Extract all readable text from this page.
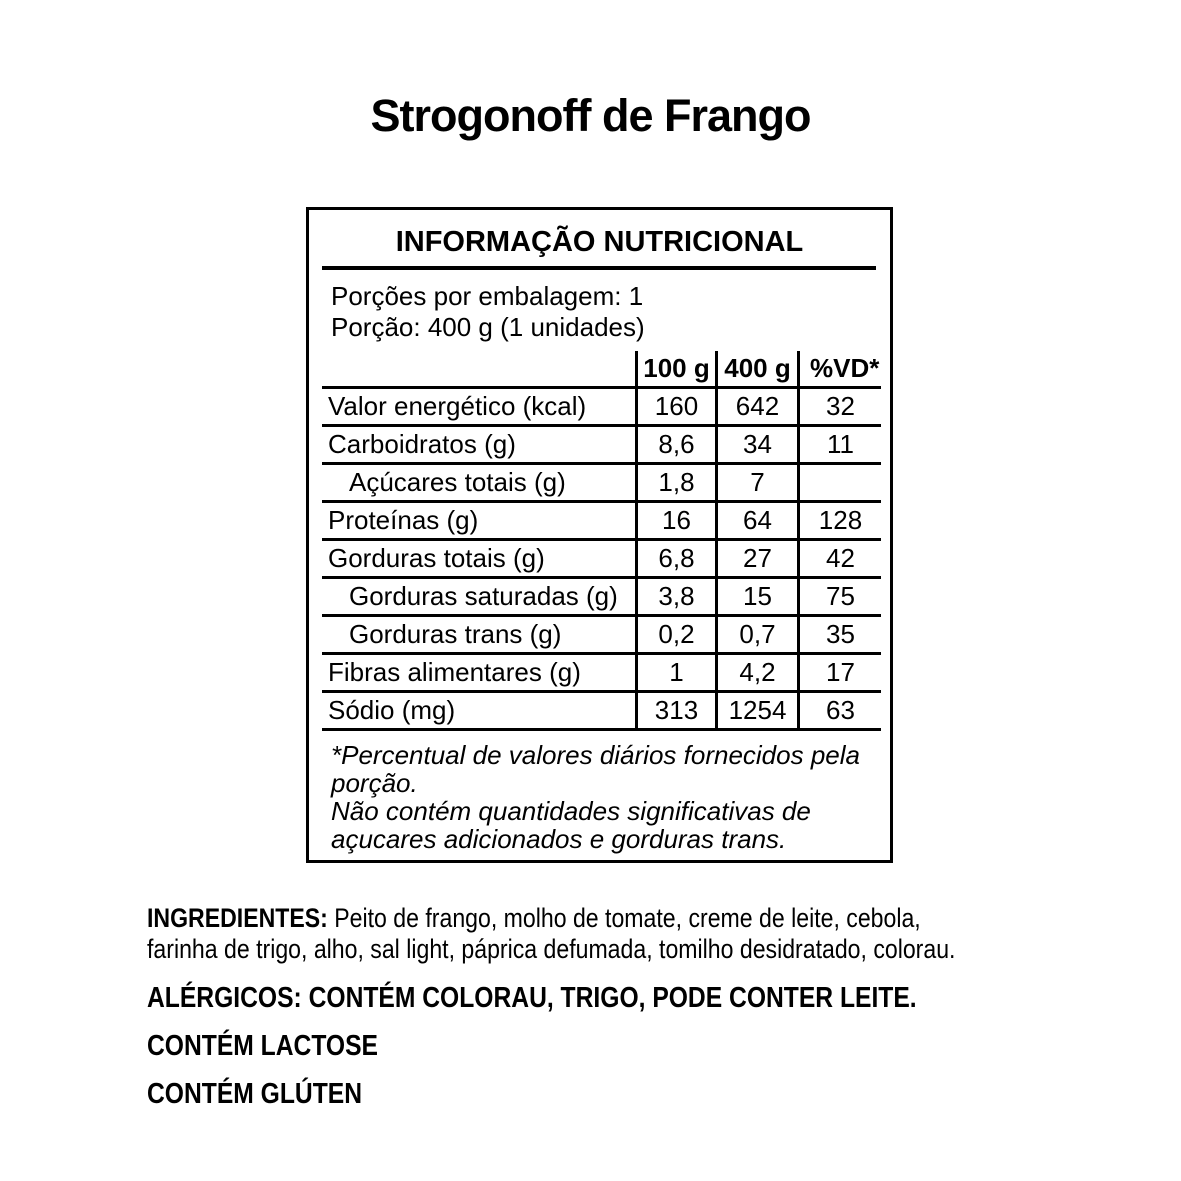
Strogonoff de Frango
INFORMAÇÃO NUTRICIONAL
Porções por embalagem: 1
Porção: 400 g (1 unidades)
100 g 400 g %VD*
Valor energético (kcal)	160	642	32
Carboidratos (g)	8,6	34	11
Açúcares totais (g)	1,8	7
Proteínas (g)	16	64	128
Gorduras totais (g)	6,8	27	42
Gorduras saturadas (g)	3,8	15	75
Gorduras trans (g)	0,2	0,7	35
Fibras alimentares (g)	1	4,2	17
Sódio (mg)	313	1254	63
*Percentual de valores diários fornecidos pela
porção.
Não contém quantidades significativas de
açucares adicionados e gorduras trans.
INGREDIENTES: Peito de frango, molho de tomate, creme de leite, cebola,
farinha de trigo, alho, sal light, páprica defumada, tomilho desidratado, colorau.
ALÉRGICOS: CONTÉM COLORAU, TRIGO, PODE CONTER LEITE.
CONTÉM LACTOSE
CONTÉM GLÚTEN
